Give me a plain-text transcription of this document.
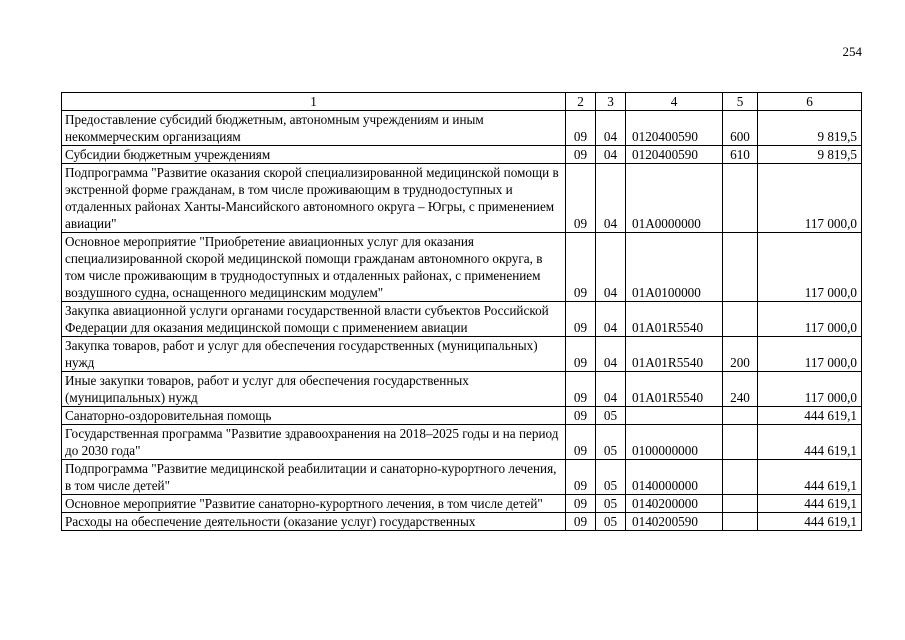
254
1	2	3	4	5	6
Предоставление субсидий бюджетным, автономным учреждениям и иным некоммерческим организациям	09	04	0120400590	600	9 819,5
Субсидии бюджетным учреждениям	09	04	0120400590	610	9 819,5
Подпрограмма "Развитие оказания скорой специализированной медицинской помощи в экстренной форме гражданам, в том числе проживающим в труднодоступных и отдаленных районах Ханты-Мансийского автономного округа – Югры, с применением авиации"	09	04	01А0000000		117 000,0
Основное мероприятие "Приобретение авиационных услуг для оказания специализированной скорой медицинской помощи гражданам автономного округа, в том числе проживающим в труднодоступных и отдаленных районах, с применением воздушного судна, оснащенного медицинским модулем"	09	04	01А0100000		117 000,0
Закупка авиационной услуги органами государственной власти субъектов Российской Федерации для оказания медицинской помощи с применением авиации	09	04	01А01R5540		117 000,0
Закупка товаров, работ и услуг для обеспечения государственных (муниципальных) нужд	09	04	01А01R5540	200	117 000,0
Иные закупки товаров, работ и услуг для обеспечения государственных (муниципальных) нужд	09	04	01А01R5540	240	117 000,0
Санаторно-оздоровительная помощь	09	05			444 619,1
Государственная программа "Развитие здравоохранения на 2018–2025 годы и на период до 2030 года"	09	05	0100000000		444 619,1
Подпрограмма "Развитие медицинской реабилитации и санаторно-курортного лечения, в том числе детей"	09	05	0140000000		444 619,1
Основное мероприятие "Развитие санаторно-курортного лечения, в том числе детей"	09	05	0140200000		444 619,1
Расходы на обеспечение деятельности (оказание услуг) государственных	09	05	0140200590		444 619,1
